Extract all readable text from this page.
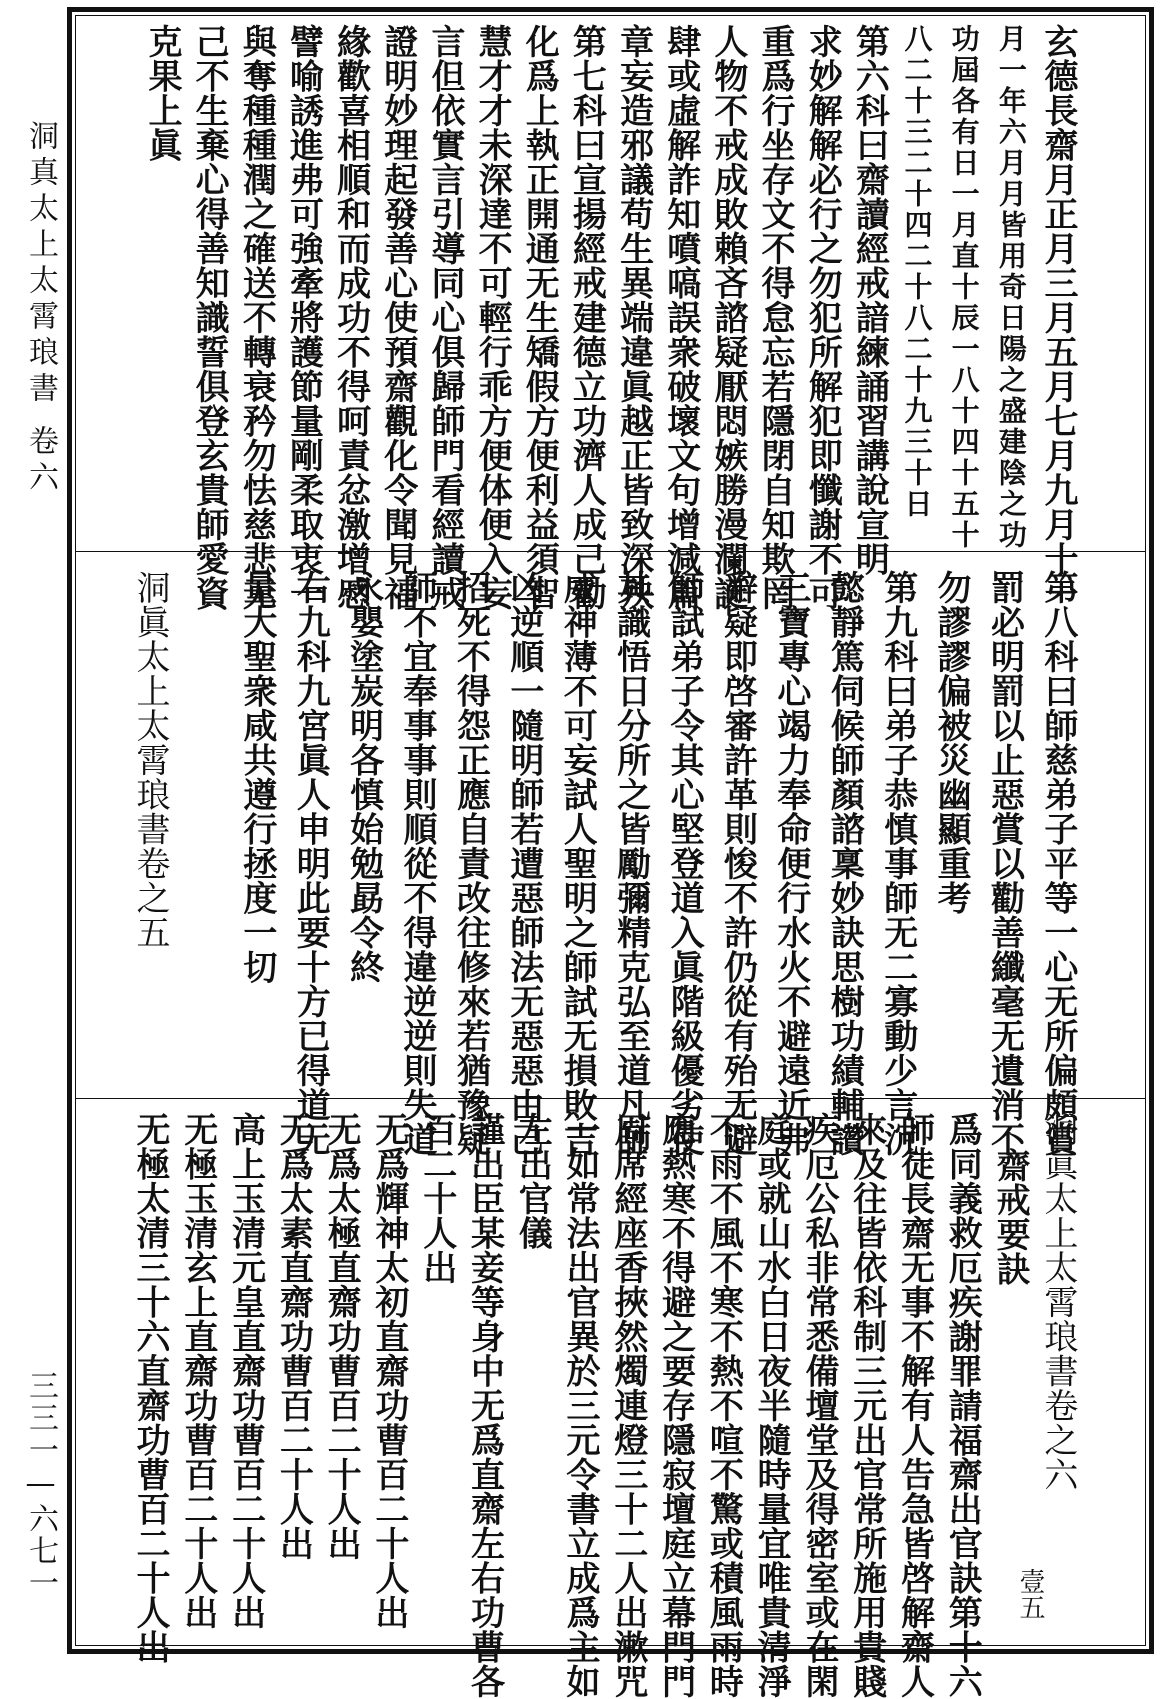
洞真太上太霄琅書
卷六
三三一—六七一
玄德長齋月正月三月五月七月九月十一
月一年六月月皆用奇日陽之盛建陰之功
功屆各有日一月直十辰一八十四十五十
八二十三二十四二十八二十九三十日
第六科曰齋讀經戒諳練誦習講說宣明
求妙解解必行之勿犯所解犯即懺謝不可
重爲行坐存文不得怠忘若隱閉自知欺罔
人物不戒成敗賴吝諮疑厭悶嫉勝漫瀾誕
肆或虛解詐知噴嗃誤衆破壞文句增減篇
章妄造邪議苟生異端違眞越正皆致深殃
第七科曰宣揚經戒建德立功濟人成己勸
化爲上執正開通无生矯假方便利益須智
慧才才未深達不可輕行乖方便体便入妄
言但依實言引導同心俱歸師門看經讀戒
證明妙理起發善心使預齋觀化令聞見福
緣歡喜相順和而成功不得呵責忿激增慼
譬喻誘進弗可強牽將護節量剛柔取衷一
與奪種種潤之確送不轉衰矜勿怯慈悲无
己不生棄心得善知識誓俱登玄貴師愛資
克果上眞
第八科曰師慈弟子平等一心无所偏頗賞
罰必明罰以止惡賞以勸善纖毫无遺消不
勿謬謬偏被災幽顯重考
第九科曰弟子恭慎事師无二寡動少言沉
懿靜篤伺候師顏諮稟妙訣思樹功績輔讚
三寶專心竭力奉命便行水火不避遠近弗
辭疑即啓審許革則悛不許仍從有殆无避
師試弟子令其心堅登道入眞階級優劣使
其識悟日分所之皆勵彌精克弘至道凡師
威神薄不可妄試人聖明之師試无損敗吉
凶逆順一隨明師若遭惡師法无惡惡由己
招死不得怨正應自責改往修來若猶豫疑
師不宜奉事事則順從不得違逆逆則失道
永嬰塗炭明各慎始勉勗令終
右九科九宮眞人申明此要十方已得道无
量大聖衆咸共遵行拯度一切
洞眞太上太霄琅書卷之五
洞眞太上太霄琅書卷之六
齋戒要訣
爲同義救厄疾謝罪請福齋出官訣第十六
師徒長齋无事不解有人告急皆啓解齋人
來及往皆依科制三元出官常所施用貴賤
疾厄公私非常悉備壇堂及得密室或在閑
庭或就山水白日夜半隨時量宜唯貴清淨
不雨不風不寒不熱不喧不驚或積風雨時
應熱寒不得避之要存隱寂壇庭立幕門門
周席經座香挾然燭連燈三十二人出漱咒
一如常法出官異於三元令書立成爲主如
左出官儀
謹出臣某妾等身中无爲直齋左右功曹各
百二十人出
无爲輝神太初直齋功曹百二十人出
无爲太極直齋功曹百二十人出
无爲太素直齋功曹百二十人出
高上玉清元皇直齋功曹百二十人出
无極玉清玄上直齋功曹百二十人出
无極太清三十六直齋功曹百二十人出	壹五
